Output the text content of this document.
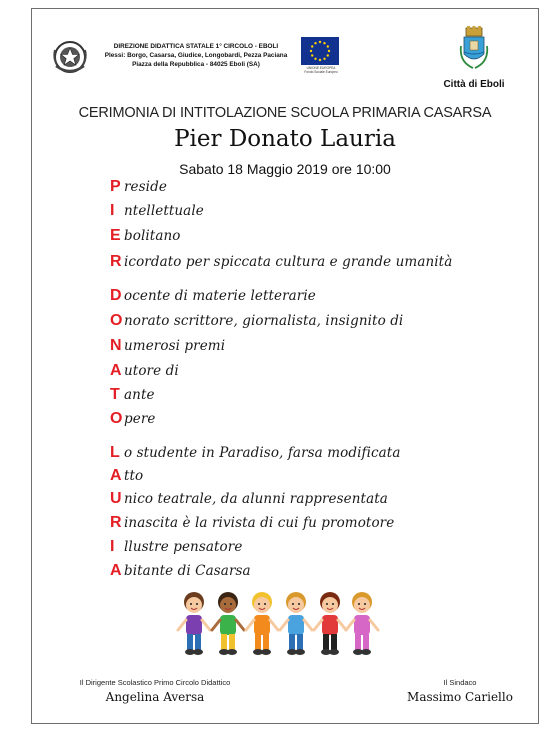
DIREZIONE DIDATTICA STATALE 1° CIRCOLO - EBOLI
Plessi: Borgo, Casarsa, Giudice, Longobardi, Pezza Paciana
Piazza della Repubblica - 84025 Eboli (SA)	UNIONE EUROPEA
Fondo Sociale Europeo
Città di Eboli
CERIMONIA DI INTITOLAZIONE SCUOLA PRIMARIA CASARSA
Pier Donato Lauria
Sabato 18 Maggio 2019 ore 10:00
P reside
I ntellettuale
E bolitano
R icordato per spiccata cultura e grande umanità
D ocente di materie letterarie
O norato scrittore, giornalista, insignito di
N umerosi premi
A utore di
T ante
O pere
L o studente in Paradiso, farsa modificata
A tto
U nico teatrale, da alunni rappresentata
R inascita è la rivista di cui fu promotore
I llustre pensatore
A bitante di Casarsa
Il Dirigente Scolastico Primo Circolo Didattico
Angelina Aversa
Il Sindaco
Massimo Cariello
